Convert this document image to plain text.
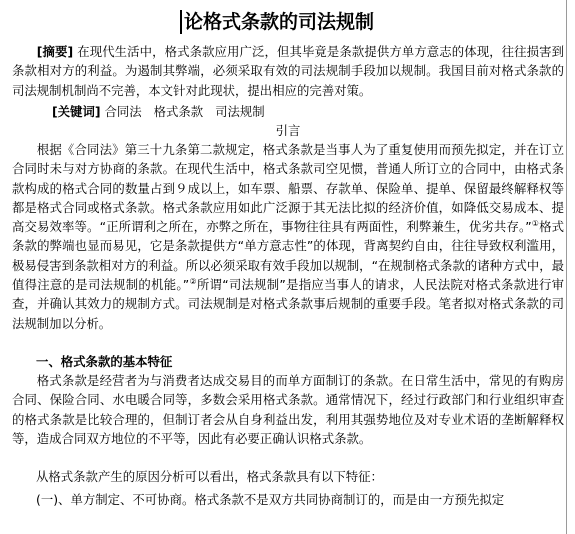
论格式条款的司法规制

[摘要] 在现代生活中，格式条款应用广泛，但其毕竟是条款提供方单方意志的体现，往往损害到条款相对方的利益。为遏制其弊端，必须采取有效的司法规制手段加以规制。我国目前对格式条款的司法规制机制尚不完善，本文针对此现状，提出相应的完善对策。

[关键词] 合同法 格式条款 司法规制
引言

根据《合同法》第三十九条第二款规定，格式条款是当事人为了重复使用而预先拟定，并在订立合同时未与对方协商的条款。在现代生活中，格式条款司空见惯，普通人所订立的合同中，由格式条款构成的格式合同的数量占到９成以上，如车票、船票、存款单、保险单、提单、保留最终解释权等都是格式合同或格式条款。格式条款应用如此广泛源于其无法比拟的经济价值，如降低交易成本、提高交易效率等。“正所谓利之所在，亦弊之所在，事物往往具有两面性，利弊兼生，优劣共存。”①格式条款的弊端也显而易见，它是条款提供方“单方意志性”的体现，背离契约自由，往往导致权利滥用，极易侵害到条款相对方的利益。所以必须采取有效手段加以规制，“在规制格式条款的诸种方式中，最值得注意的是司法规制的机能。”②所谓“司法规制”是指应当事人的请求，人民法院对格式条款进行审查，并确认其效力的规制方式。司法规制是对格式条款事后规制的重要手段。笔者拟对格式条款的司法规制加以分析。

一、格式条款的基本特征

格式条款是经营者为与消费者达成交易目的而单方面制订的条款。在日常生活中，常见的有购房合同、保险合同、水电暖合同等，多数会采用格式条款。通常情况下，经过行政部门和行业组织审查的格式条款是比较合理的，但制订者会从自身利益出发，利用其强势地位及对专业术语的垄断解释权等，造成合同双方地位的不平等，因此有必要正确认识格式条款。

从格式条款产生的原因分析可以看出，格式条款具有以下特征：
(一)、单方制定、不可协商。格式条款不是双方共同协商制订的，而是由一方预先拟定
